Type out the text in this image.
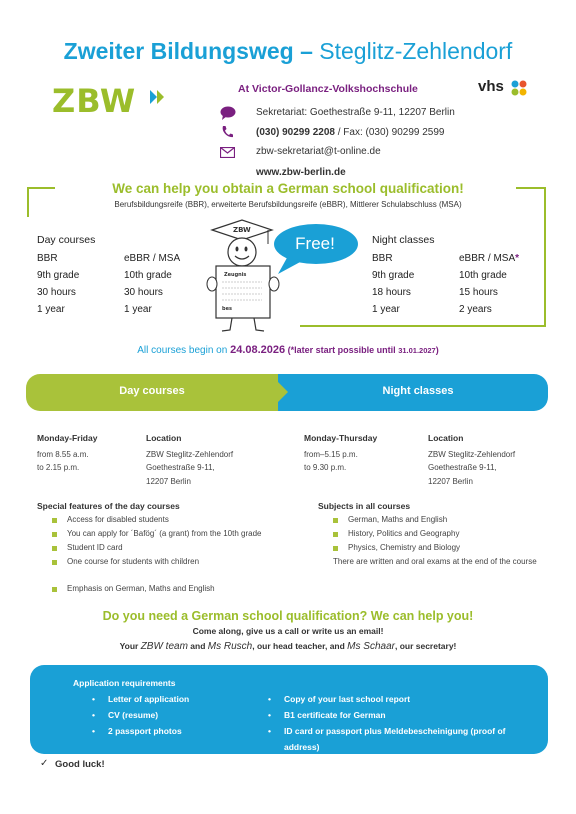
Zweiter Bildungsweg – Steglitz-Zehlendorf
ZBW	vhs
At Victor-Gollancz-Volkshochschule
Sekretariat: Goethestraße 9-11, 12207 Berlin
(030) 90299 2208 / Fax: (030) 90299 2599
zbw-sekretariat@t-online.de
www.zbw-berlin.de
We can help you obtain a German school qualification!
Berufsbildungsreife (BBR), erweiterte Berufsbildungsreife (eBBR), Mittlerer Schulabschluss (MSA)
Day courses
BBR	eBBR / MSA
9th grade	10th grade
30 hours	30 hours
1 year	1 year
ZBW
Zeugnis
bes
Free!	Night classes
BBR	eBBR / MSA*
9th grade	10th grade
18 hours	15 hours
1 year	2 years
All courses begin on 24.08.2026 (*later start possible until 31.01.2027)
Day courses	Night classes
Monday-Friday
from 8.55 a.m.
to 2.15 p.m.
Location
ZBW Steglitz-Zehlendorf
Goethestraße 9-11,
12207 Berlin
Monday-Thursday
from–5.15 p.m.
to 9.30 p.m.
Location
ZBW Steglitz-Zehlendorf
Goethestraße 9-11,
12207 Berlin
Special features of the day courses
Access for disabled students
You can apply for ´Bafög´ (a grant) from the 10th grade
Student ID card
One course for students with children
Emphasis on German, Maths and English
Subjects in all courses
German, Maths and English
History, Politics and Geography
Physics, Chemistry and Biology
There are written and oral exams at the end of the course
Do you need a German school qualification? We can help you!
Come along, give us a call or write us an email!
Your ZBW team and Ms Rusch, our head teacher, and Ms Schaar, our secretary!
Application requirements
• Letter of application
• CV (resume)
• 2 passport photos
• Copy of your last school report
• B1 certificate for German
• ID card or passport plus Meldebescheinigung (proof of address)
✓ Good luck!
